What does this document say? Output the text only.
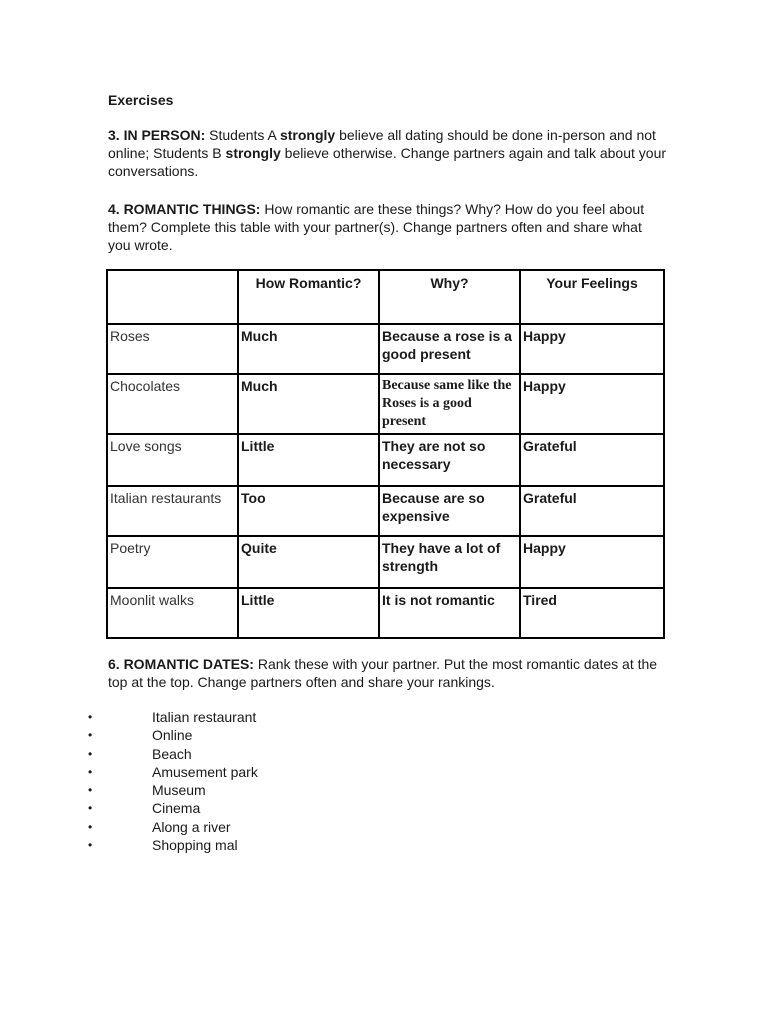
Exercises
3. IN PERSON: Students A strongly believe all dating should be done in-person and not online; Students B strongly believe otherwise. Change partners again and talk about your conversations.
4. ROMANTIC THINGS: How romantic are these things? Why? How do you feel about them? Complete this table with your partner(s). Change partners often and share what you wrote.
	How Romantic?	Why?	Your Feelings
Roses	Much	Because a rose is a good present	Happy
Chocolates	Much	Because same like the Roses is a good present	Happy
Love songs	Little	They are not so necessary	Grateful
Italian restaurants	Too	Because are so expensive	Grateful
Poetry	Quite	They have a lot of strength	Happy
Moonlit walks	Little	It is not romantic	Tired
6. ROMANTIC DATES: Rank these with your partner. Put the most romantic dates at the top at the top. Change partners often and share your rankings.
•	Italian restaurant
•	Online
•	Beach
•	Amusement park
•	Museum
•	Cinema
•	Along a river
•	Shopping mal
